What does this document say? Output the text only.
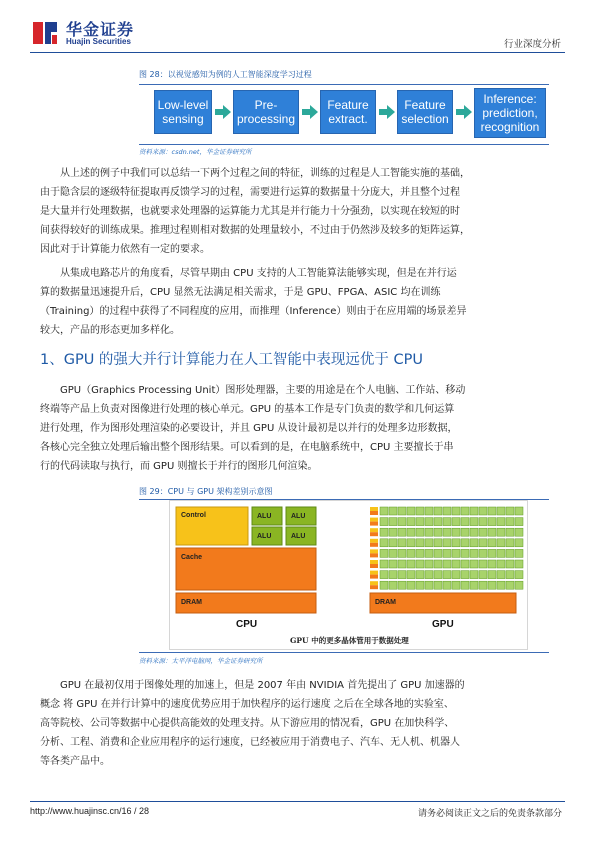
华金证券
Huajin Securities	行业深度分析
图 28：以视觉感知为例的人工智能深度学习过程
Low-level
sensing
Pre-
processing
Feature
extract.
Feature
selection
Inference:
prediction,
recognition
资料来源：csdn.net，华金证券研究所
从上述的例子中我们可以总结一下两个过程之间的特征，训练的过程是人工智能实施的基础，
由于隐含层的逐级特征提取再反馈学习的过程，需要进行运算的数据量十分庞大，并且整个过程
是大量并行处理数据，也就要求处理器的运算能力尤其是并行能力十分强劲，以实现在较短的时
间获得较好的训练成果。推理过程则相对数据的处理量较小，不过由于仍然涉及较多的矩阵运算，
因此对于计算能力依然有一定的要求。
从集成电路芯片的角度看，尽管早期由 CPU 支持的人工智能算法能够实现，但是在并行运
算的数据量迅速提升后，CPU 显然无法满足相关需求，于是 GPU、FPGA、ASIC 均在训练
（Training）的过程中获得了不同程度的应用，而推理（Inference）则由于在应用端的场景差异
较大，产品的形态更加多样化。
1、GPU 的强大并行计算能力在人工智能中表现远优于 CPU
GPU（Graphics Processing Unit）图形处理器，主要的用途是在个人电脑、工作站、移动
终端等产品上负责对图像进行处理的核心单元。GPU 的基本工作是专门负责的数学和几何运算
进行处理，作为图形处理渲染的必要设计，并且 GPU 从设计最初是以并行的处理多边形数据，
各核心完全独立处理后输出整个图形结果。可以看到的是，在电脑系统中，CPU 主要擅长于串
行的代码读取与执行，而 GPU 则擅长于并行的图形几何渲染。
图 29：CPU 与 GPU 架构差别示意图
Control	ALU	ALU
ALU	ALU
Cache
DRAM
CPU
DRAM
GPU
GPU 中的更多晶体管用于数据处理
资料来源：太平洋电脑网，华金证券研究所
GPU 在最初仅用于图像处理的加速上，但是 2007 年由 NVIDIA 首先提出了 GPU 加速器的
概念 将 GPU 在并行计算中的速度优势应用于加快程序的运行速度 之后在全球各地的实验室、
高等院校、公司等数据中心提供高能效的处理支持。从下游应用的情况看，GPU 在加快科学、
分析、工程、消费和企业应用程序的运行速度，已经被应用于消费电子、汽车、无人机、机器人
等各类产品中。
http://www.huajinsc.cn/16 / 28	请务必阅读正文之后的免责条款部分
